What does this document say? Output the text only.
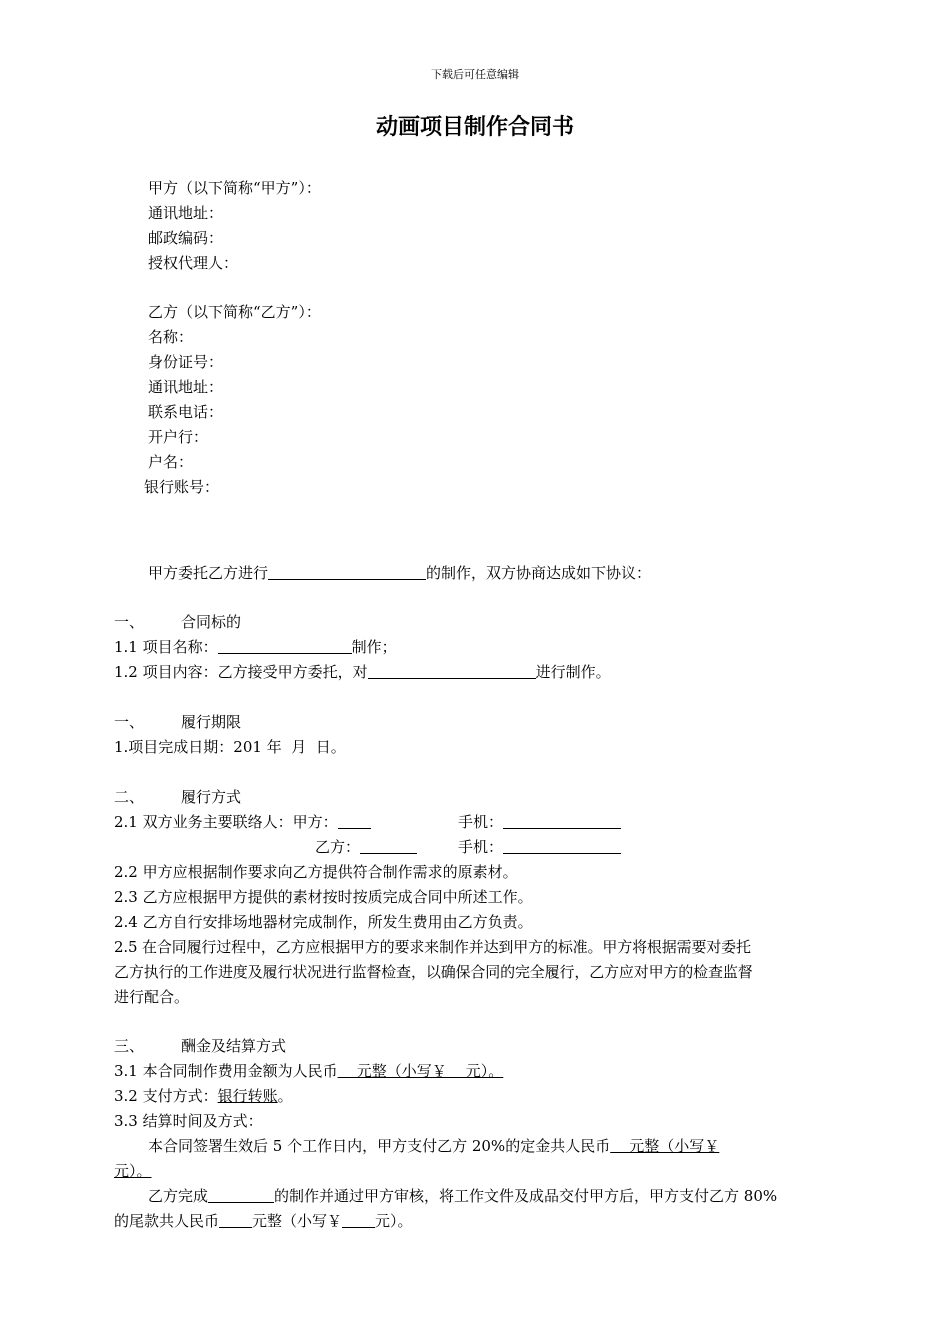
下载后可任意编辑
动画项目制作合同书
甲方（以下简称“甲方”）：
通讯地址：
邮政编码：
授权代理人：
乙方（以下简称“乙方”）：
名称：
身份证号：
通讯地址：
联系电话：
开户行：
户名：
银行账号：
甲方委托乙方进行	的制作，双方协商达成如下协议：
一、 合同标的
1.1 项目名称：	制作；
1.2 项目内容：乙方接受甲方委托，对	进行制作。
一、 履行期限
1.项目完成日期：201 年  月  日。
二、 履行方式
2.1 双方业务主要联络人：甲方：	手机：
乙方：	手机：
2.2 甲方应根据制作要求向乙方提供符合制作需求的原素材。
2.3 乙方应根据甲方提供的素材按时按质完成合同中所述工作。
2.4 乙方自行安排场地器材完成制作，所发生费用由乙方负责。
2.5 在合同履行过程中，乙方应根据甲方的要求来制作并达到甲方的标准。甲方将根据需要对委托
乙方执行的工作进度及履行状况进行监督检查，以确保合同的完全履行，乙方应对甲方的检查监督
进行配合。
三、 酬金及结算方式
3.1 本合同制作费用金额为人民币    元整（小写￥    元）。
3.2 支付方式：银行转账。
3.3 结算时间及方式：
本合同签署生效后 5 个工作日内，甲方支付乙方 20%的定金共人民币    元整（小写￥
元）。
乙方完成	的制作并通过甲方审核，将工作文件及成品交付甲方后，甲方支付乙方 80%
的尾款共人民币 元整（小写￥ 元）。
